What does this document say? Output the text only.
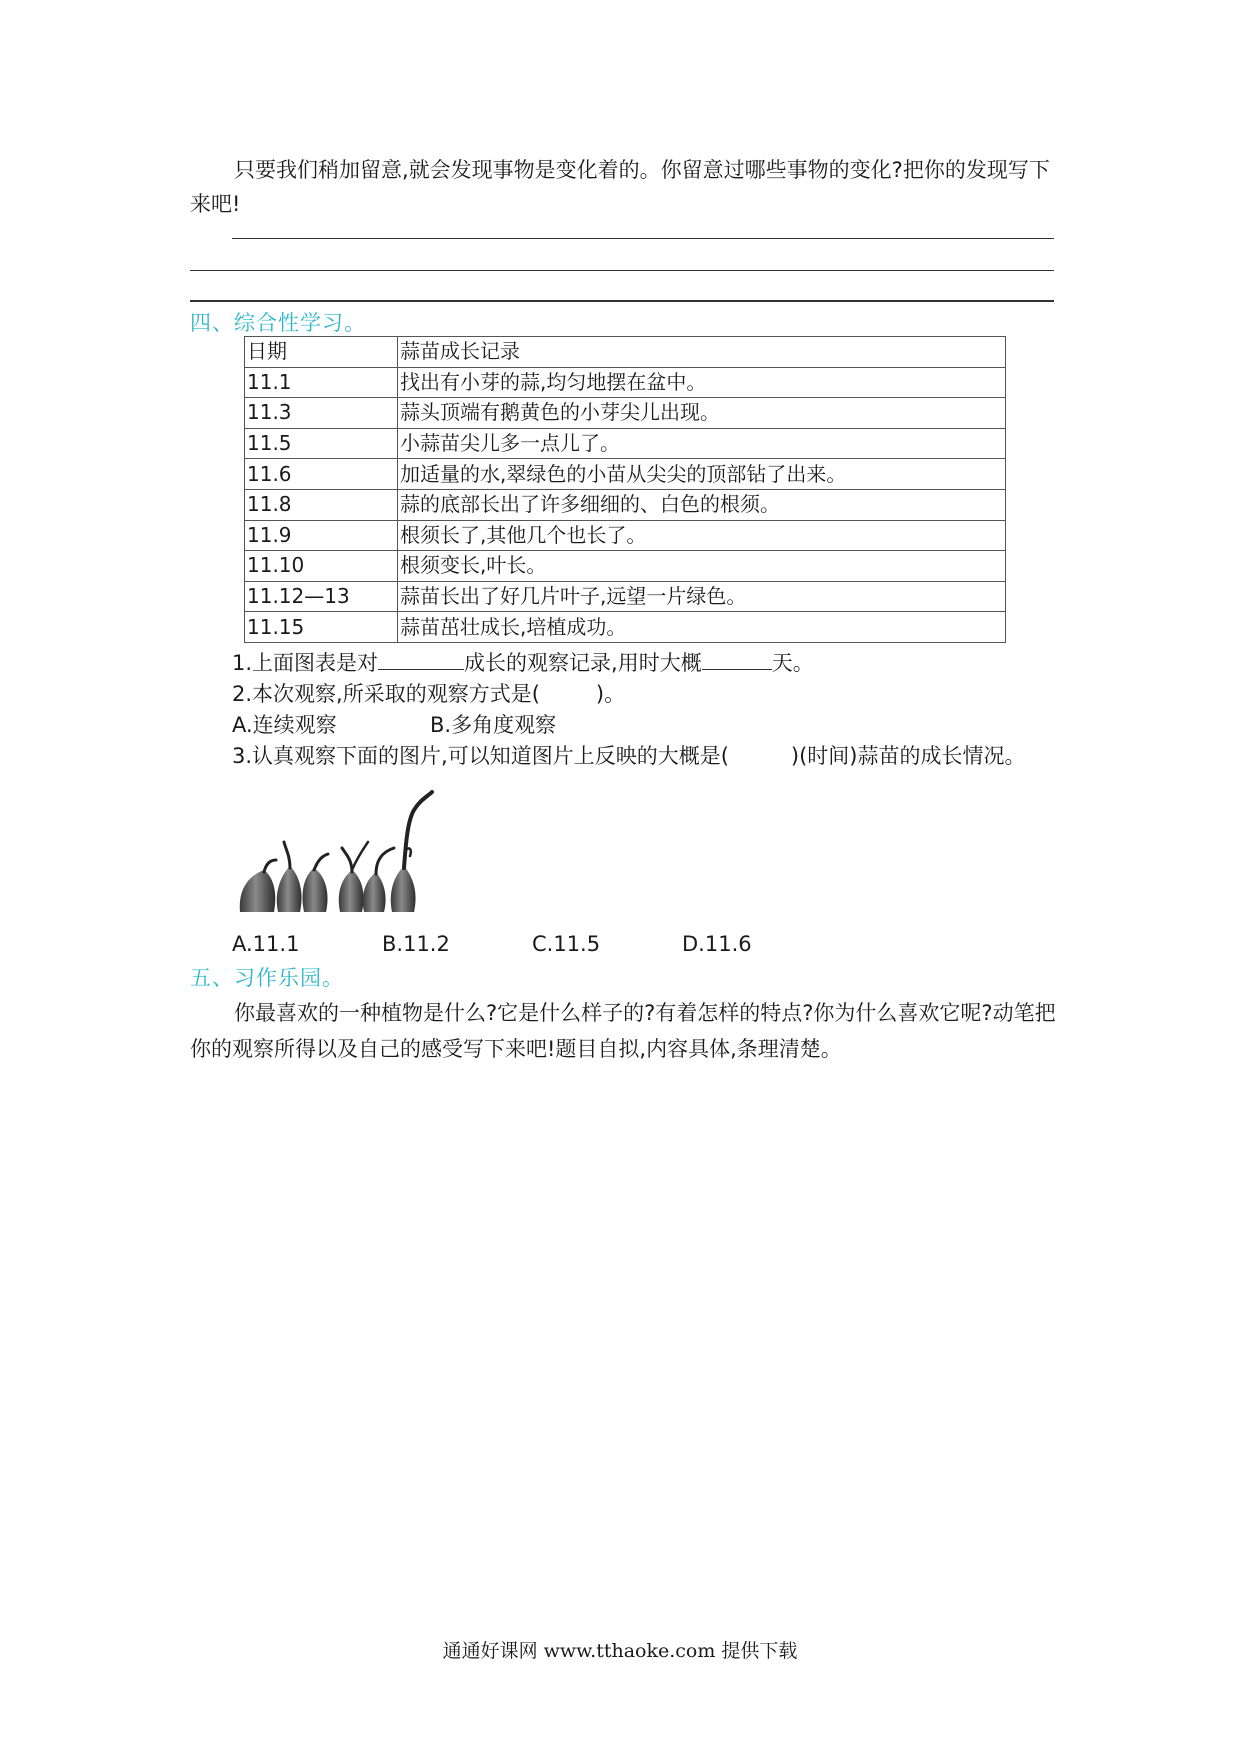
只要我们稍加留意,就会发现事物是变化着的。你留意过哪些事物的变化?把你的发现写下来吧!
四、综合性学习。
日期	蒜苗成长记录
11.1	找出有小芽的蒜,均匀地摆在盆中。
11.3	蒜头顶端有鹅黄色的小芽尖儿出现。
11.5	小蒜苗尖儿多一点儿了。
11.6	加适量的水,翠绿色的小苗从尖尖的顶部钻了出来。
11.8	蒜的底部长出了许多细细的、白色的根须。
11.9	根须长了,其他几个也长了。
11.10	根须变长,叶长。
11.12—13	蒜苗长出了好几片叶子,远望一片绿色。
11.15	蒜苗茁壮成长,培植成功。
1.上面图表是对	成长的观察记录,用时大概	天。
2.本次观察,所采取的观察方式是(	)。
A.连续观察	B.多角度观察
3.认真观察下面的图片,可以知道图片上反映的大概是(	)(时间)蒜苗的成长情况。
A.11.1	B.11.2	C.11.5	D.11.6
五、习作乐园。
你最喜欢的一种植物是什么?它是什么样子的?有着怎样的特点?你为什么喜欢它呢?动笔把你的观察所得以及自己的感受写下来吧!题目自拟,内容具体,条理清楚。
通通好课网 www.tthaoke.com 提供下载
